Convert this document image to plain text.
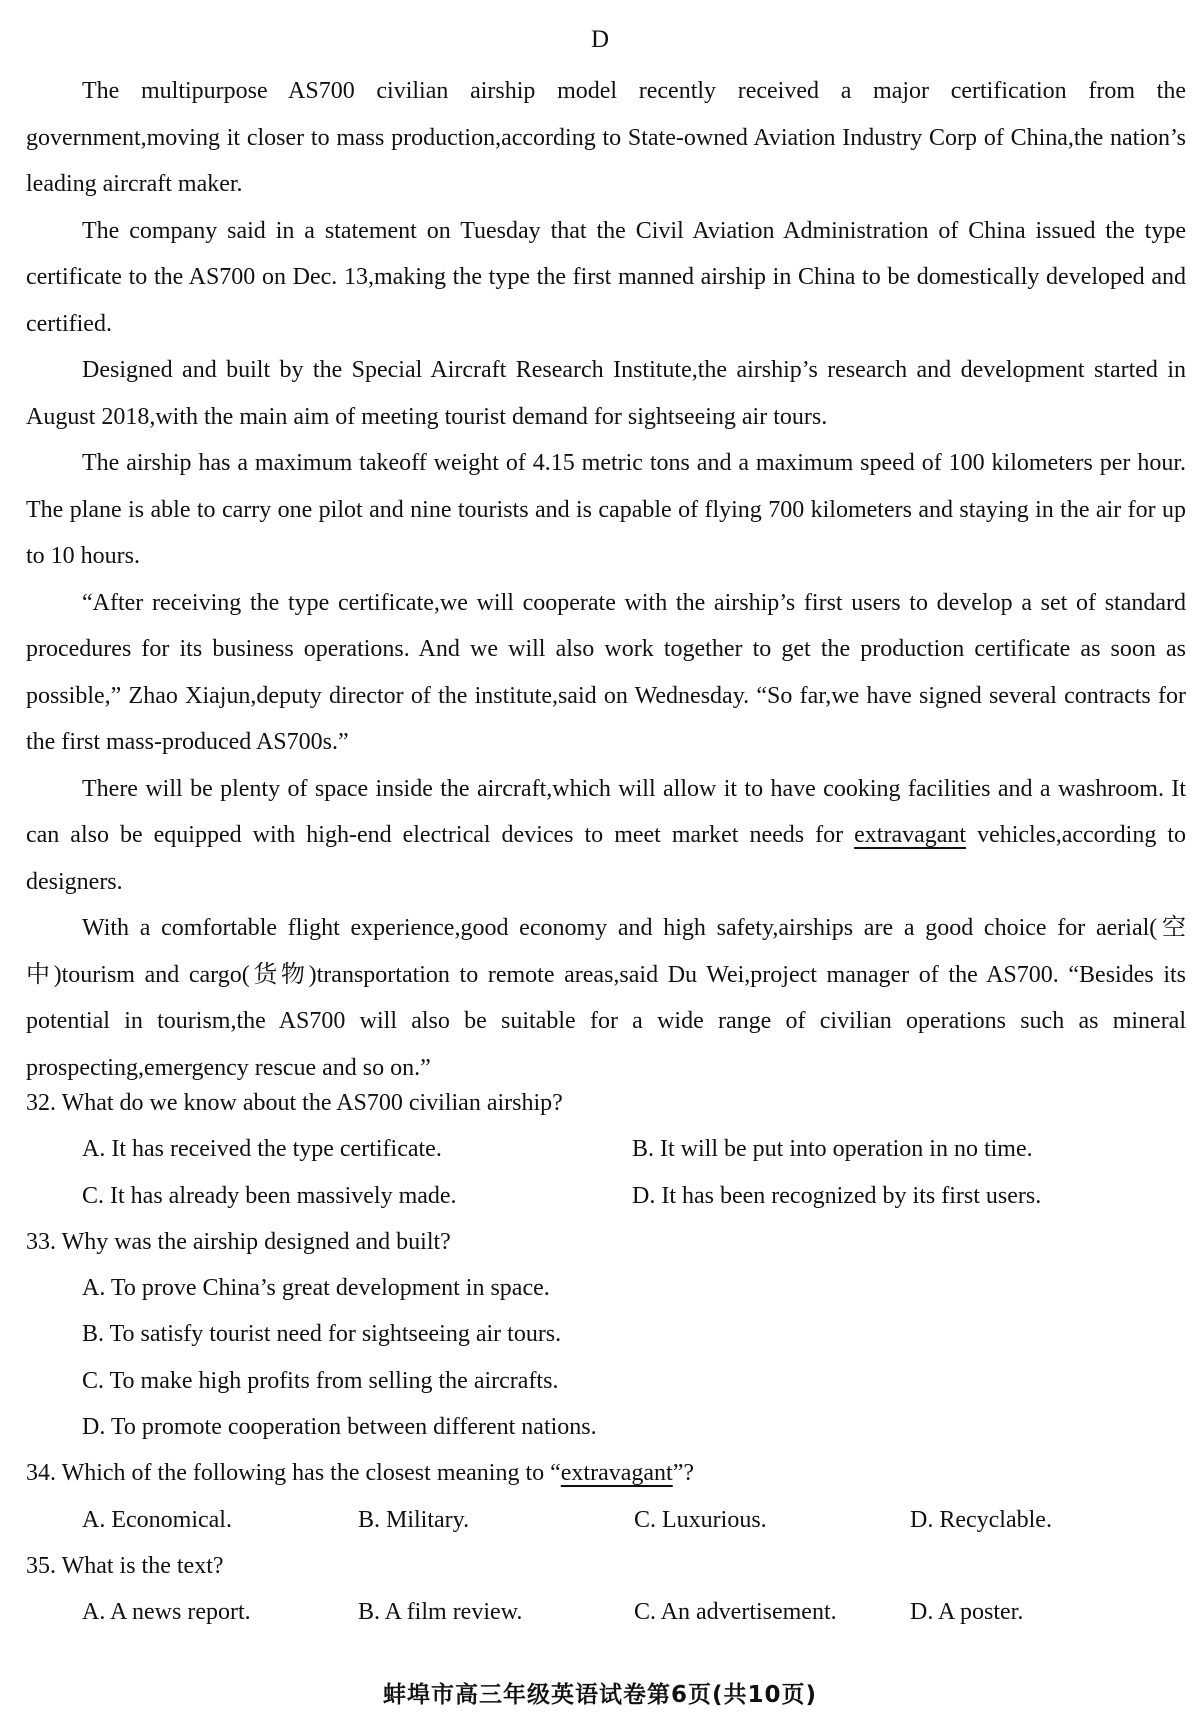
D

The multipurpose AS700 civilian airship model recently received a major certification from the government,moving it closer to mass production,according to State-owned Aviation Industry Corp of China,the nation’s leading aircraft maker.

The company said in a statement on Tuesday that the Civil Aviation Administration of China issued the type certificate to the AS700 on Dec. 13,making the type the first manned airship in China to be domestically developed and certified.

Designed and built by the Special Aircraft Research Institute,the airship’s research and development started in August 2018,with the main aim of meeting tourist demand for sightseeing air tours.

The airship has a maximum takeoff weight of 4.15 metric tons and a maximum speed of 100 kilometers per hour. The plane is able to carry one pilot and nine tourists and is capable of flying 700 kilometers and staying in the air for up to 10 hours.

“After receiving the type certificate,we will cooperate with the airship’s first users to develop a set of standard procedures for its business operations. And we will also work together to get the production certificate as soon as possible,” Zhao Xiajun,deputy director of the institute,said on Wednesday. “So far,we have signed several contracts for the first mass-produced AS700s.”

There will be plenty of space inside the aircraft,which will allow it to have cooking facilities and a washroom. It can also be equipped with high-end electrical devices to meet market needs for extravagant vehicles,according to designers.

With a comfortable flight experience,good economy and high safety,airships are a good choice for aerial(空中)tourism and cargo(货物)transportation to remote areas,said Du Wei,project manager of the AS700. “Besides its potential in tourism,the AS700 will also be suitable for a wide range of civilian operations such as mineral prospecting,emergency rescue and so on.”

32. What do we know about the AS700 civilian airship?
A. It has received the type certificate.	B. It will be put into operation in no time.
C. It has already been massively made.	D. It has been recognized by its first users.
33. Why was the airship designed and built?
A. To prove China’s great development in space.
B. To satisfy tourist need for sightseeing air tours.
C. To make high profits from selling the aircrafts.
D. To promote cooperation between different nations.
34. Which of the following has the closest meaning to “extravagant”?
A. Economical.	B. Military.	C. Luxurious.	D. Recyclable.
35. What is the text?
A. A news report.	B. A film review.	C. An advertisement.	D. A poster.
蚌埠市高三年级英语试卷第6页(共10页)
